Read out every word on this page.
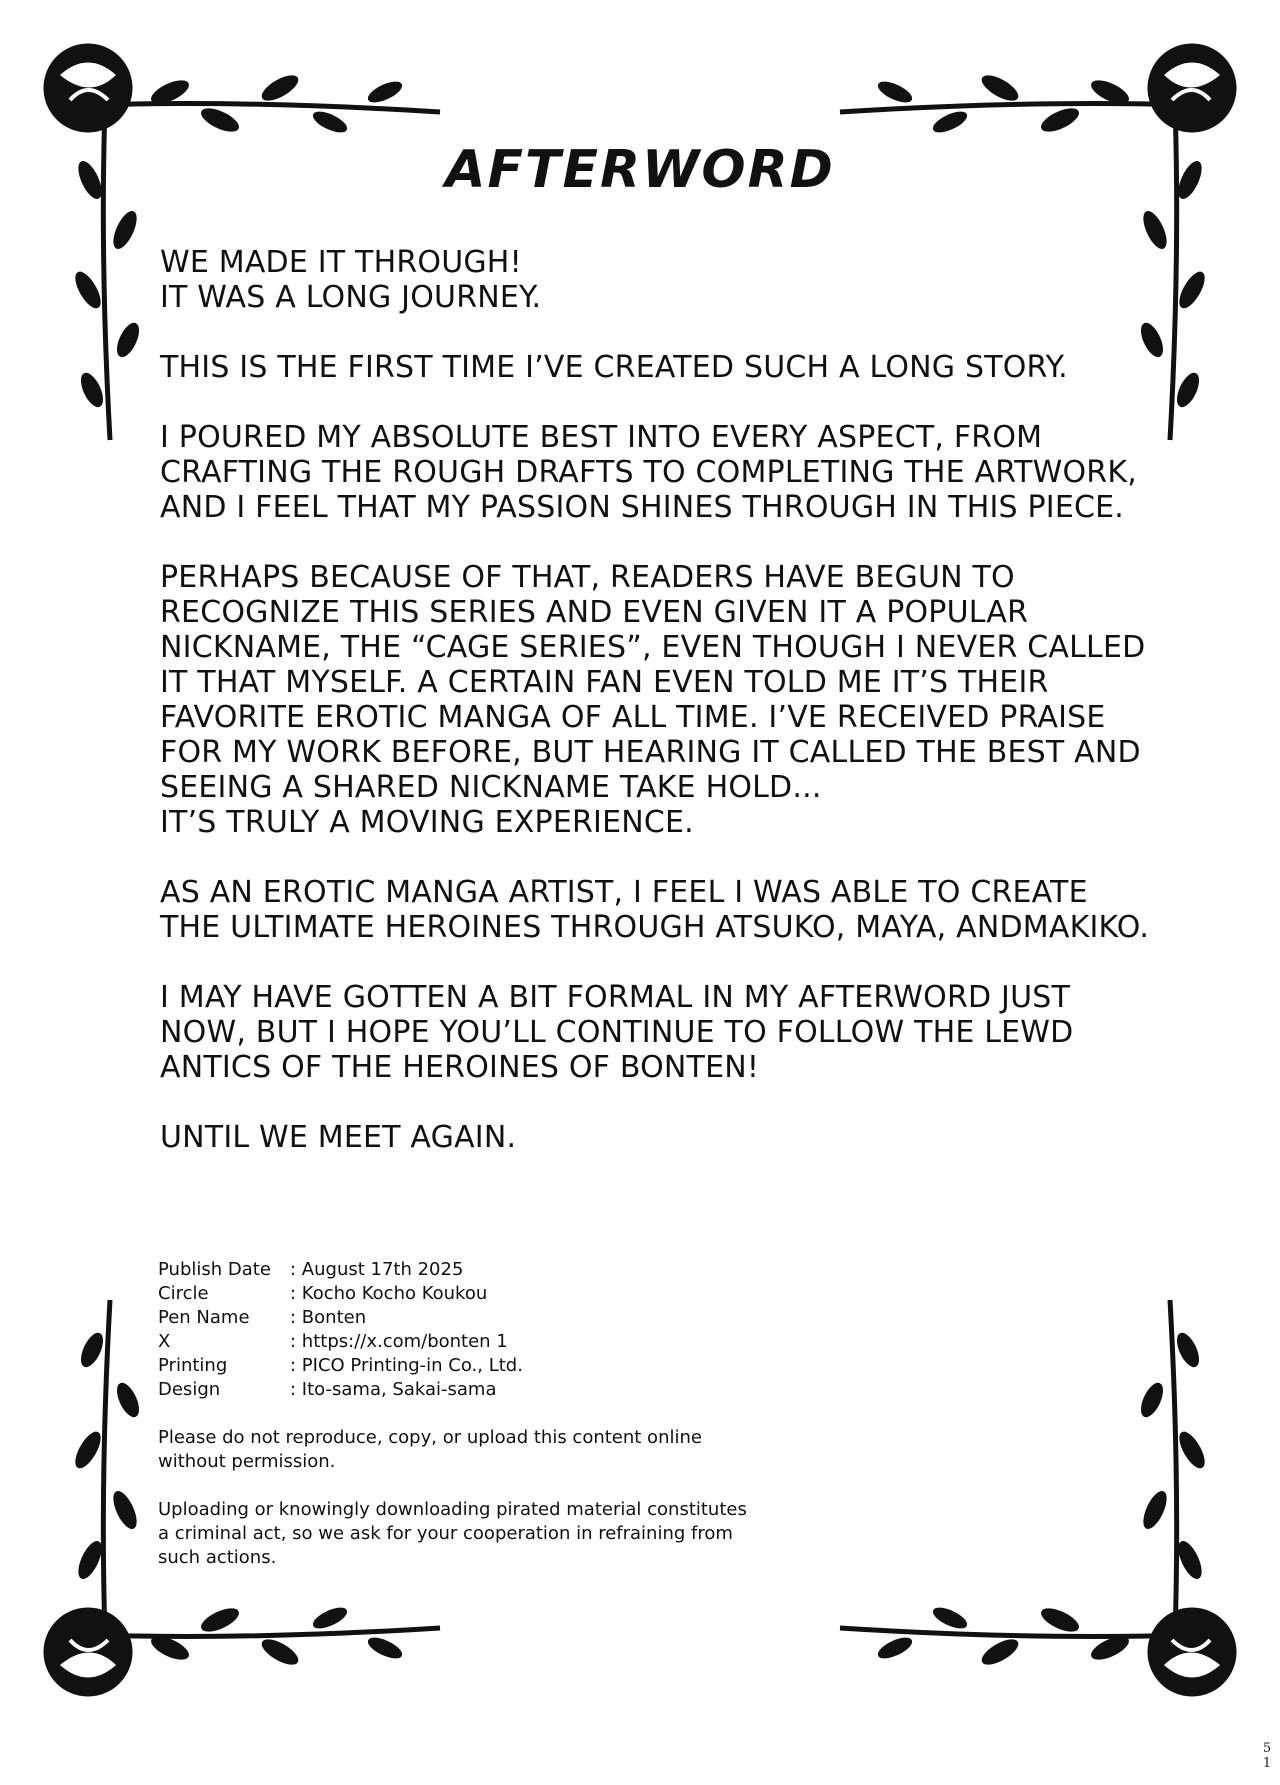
AFTERWORD

WE MADE IT THROUGH!
IT WAS A LONG JOURNEY.

THIS IS THE FIRST TIME I’VE CREATED SUCH A LONG STORY.

I POURED MY ABSOLUTE BEST INTO EVERY ASPECT, FROM
CRAFTING THE ROUGH DRAFTS TO COMPLETING THE ARTWORK,
AND I FEEL THAT MY PASSION SHINES THROUGH IN THIS PIECE.

PERHAPS BECAUSE OF THAT, READERS HAVE BEGUN TO
RECOGNIZE THIS SERIES AND EVEN GIVEN IT A POPULAR
NICKNAME, THE “CAGE SERIES”, EVEN THOUGH I NEVER CALLED
IT THAT MYSELF. A CERTAIN FAN EVEN TOLD ME IT’S THEIR
FAVORITE EROTIC MANGA OF ALL TIME. I’VE RECEIVED PRAISE
FOR MY WORK BEFORE, BUT HEARING IT CALLED THE BEST AND
SEEING A SHARED NICKNAME TAKE HOLD...
IT’S TRULY A MOVING EXPERIENCE.

AS AN EROTIC MANGA ARTIST, I FEEL I WAS ABLE TO CREATE
THE ULTIMATE HEROINES THROUGH ATSUKO, MAYA, ANDMAKIKO.

I MAY HAVE GOTTEN A BIT FORMAL IN MY AFTERWORD JUST
NOW, BUT I HOPE YOU’LL CONTINUE TO FOLLOW THE LEWD
ANTICS OF THE HEROINES OF BONTEN!

UNTIL WE MEET AGAIN.

Publish Date	: August 17th 2025
Circle	: Kocho Kocho Koukou
Pen Name	: Bonten
X	: https://x.com/bonten 1
Printing	: PICO Printing-in Co., Ltd.
Design	: Ito-sama, Sakai-sama
Please do not reproduce, copy, or upload this content online
without permission.
Uploading or knowingly downloading pirated material constitutes
a criminal act, so we ask for your cooperation in refraining from
such actions.
5
1
